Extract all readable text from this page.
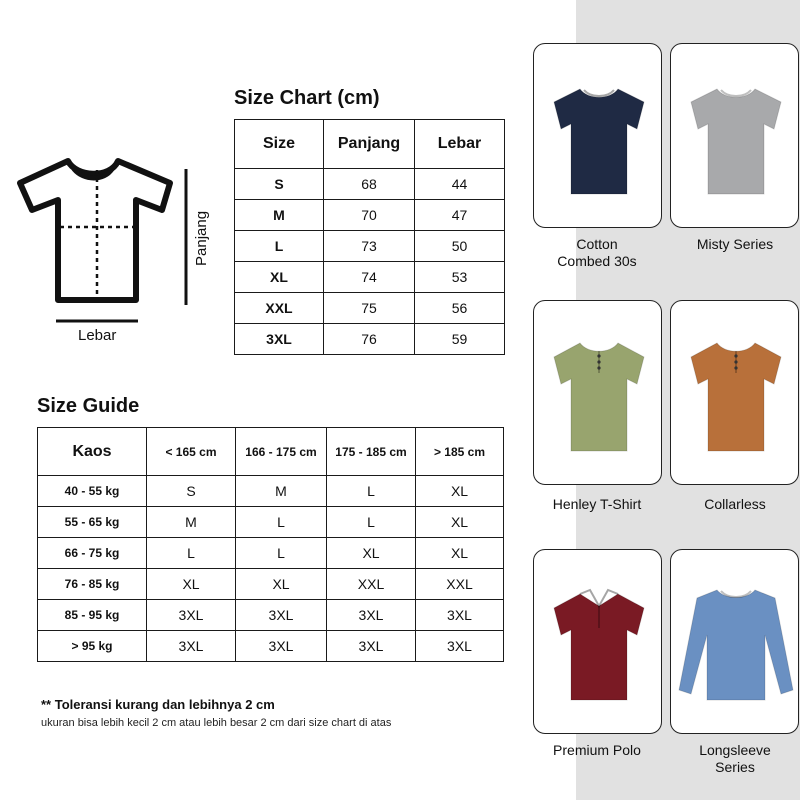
Panjang
Lebar
Size Chart (cm)
Size	Panjang	Lebar
S	68	44
M	70	47
L	73	50
XL	74	53
XXL	75	56
3XL	76	59
Size Guide
Kaos	< 165 cm	166 - 175 cm	175 - 185 cm	> 185 cm
40 - 55 kg	S	M	L	XL
55 - 65 kg	M	L	L	XL
66 - 75 kg	L	L	XL	XL
76 - 85 kg	XL	XL	XXL	XXL
85 - 95 kg	3XL	3XL	3XL	3XL
> 95 kg	3XL	3XL	3XL	3XL
** Toleransi kurang dan lebihnya 2 cm
ukuran bisa lebih kecil 2 cm atau lebih besar 2 cm dari size chart di atas
Cotton
Combed 30s
Misty Series
Henley T-Shirt	Collarless
Premium Polo	Longsleeve
Series
